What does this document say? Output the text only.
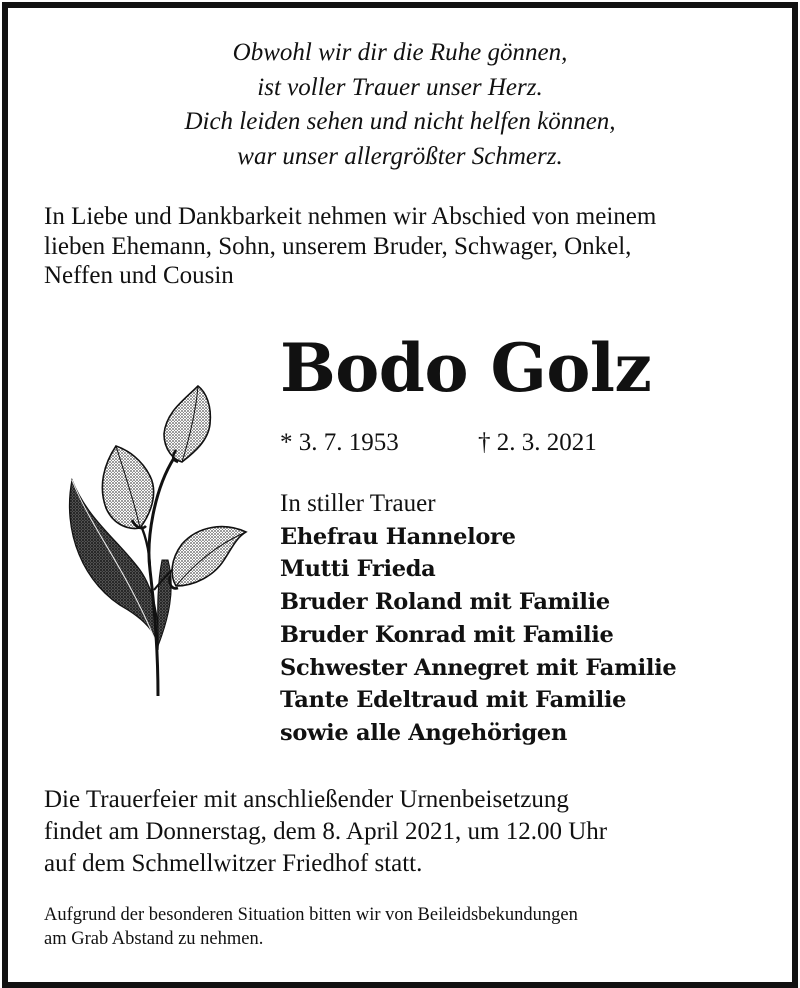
Obwohl wir dir die Ruhe gönnen,
ist voller Trauer unser Herz.
Dich leiden sehen und nicht helfen können,
war unser allergrößter Schmerz.
In Liebe und Dankbarkeit nehmen wir Abschied von meinem
lieben Ehemann, Sohn, unserem Bruder, Schwager, Onkel,
Neffen und Cousin
Bodo Golz
* 3. 7. 1953	† 2. 3. 2021
In stiller Trauer
Ehefrau Hannelore
Mutti Frieda
Bruder Roland mit Familie
Bruder Konrad mit Familie
Schwester Annegret mit Familie
Tante Edeltraud mit Familie
sowie alle Angehörigen
Die Trauerfeier mit anschließender Urnenbeisetzung
findet am Donnerstag, dem 8. April 2021, um 12.00 Uhr
auf dem Schmellwitzer Friedhof statt.
Aufgrund der besonderen Situation bitten wir von Beileidsbekundungen
am Grab Abstand zu nehmen.
